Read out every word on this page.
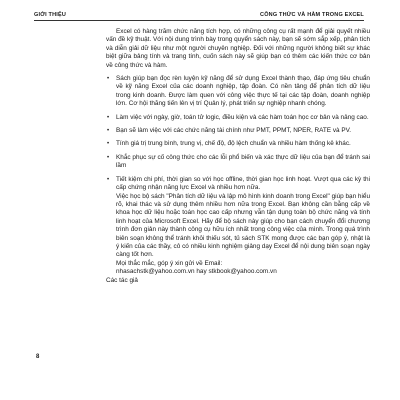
GIỚI THIỆU	CÔNG THỨC VÀ HÀM TRONG EXCEL

Excel có hàng trăm chức năng tích hợp, có những công cụ rất mạnh để giải quyết nhiều vấn đề kỹ thuật. Với nội dung trình bày trong quyển sách này, bạn sẽ sớm sắp xếp, phân tích và diễn giải dữ liệu như một người chuyên nghiệp. Đối với những người không biết sự khác biệt giữa bảng tính và trang tính, cuốn sách này sẽ giúp bạn có thêm các kiến thức cơ bản về công thức và hàm.

• Sách giúp bạn đọc rèn luyện kỹ năng để sử dụng Excel thành thạo, đáp ứng tiêu chuẩn về kỹ năng Excel của các doanh nghiệp, tập đoàn. Có nền tảng để phân tích dữ liệu trong kinh doanh. Được làm quen với công việc thực tế tại các tập đoàn, doanh nghiệp lớn. Cơ hội thăng tiến lên vị trí Quản lý, phát triển sự nghiệp nhanh chóng.
• Làm việc với ngày, giờ, toán tử logic, điều kiện và các hàm toán học cơ bản và nâng cao.
• Bạn sẽ làm việc với các chức năng tài chính như PMT, PPMT, NPER, RATE và PV.
• Tính giá trị trung bình, trung vị, chế độ, độ lệch chuẩn và nhiều hàm thống kê khác.
• Khắc phục sự cố công thức cho các lỗi phổ biến và xác thực dữ liệu của bạn để tránh sai lầm
• Tiết kiệm chi phí, thời gian so với học offline, thời gian học linh hoạt. Vượt qua các kỳ thi cấp chứng nhận năng lực Excel và nhiều hơn nữa.

Việc học bộ sách "Phân tích dữ liệu và lập mô hình kinh doanh trong Excel" giúp bạn hiểu rõ, khai thác và sử dụng thêm nhiều hơn nữa trong Excel. Bạn không cần bằng cấp về khoa học dữ liệu hoặc toán học cao cấp nhưng vẫn tận dụng toàn bộ chức năng và tính linh hoạt của Microsoft Excel. Hãy để bộ sách này giúp cho bạn cách chuyển đổi chương trình đơn giản này thành công cụ hữu ích nhất trong công việc của mình. Trong quá trình biên soạn không thể tránh khỏi thiếu sót, tủ sách STK mong được các bạn góp ý, nhật là ý kiến của các thầy, cô có nhiều kinh nghiệm giảng dạy Excel để nội dung biên soạn ngày càng tốt hơn.

Mọi thắc mắc, góp ý xin gửi về Email:

nhasachstk@yahoo.com.vn hay stkbook@yahoo.com.vn

Các tác giả

8
